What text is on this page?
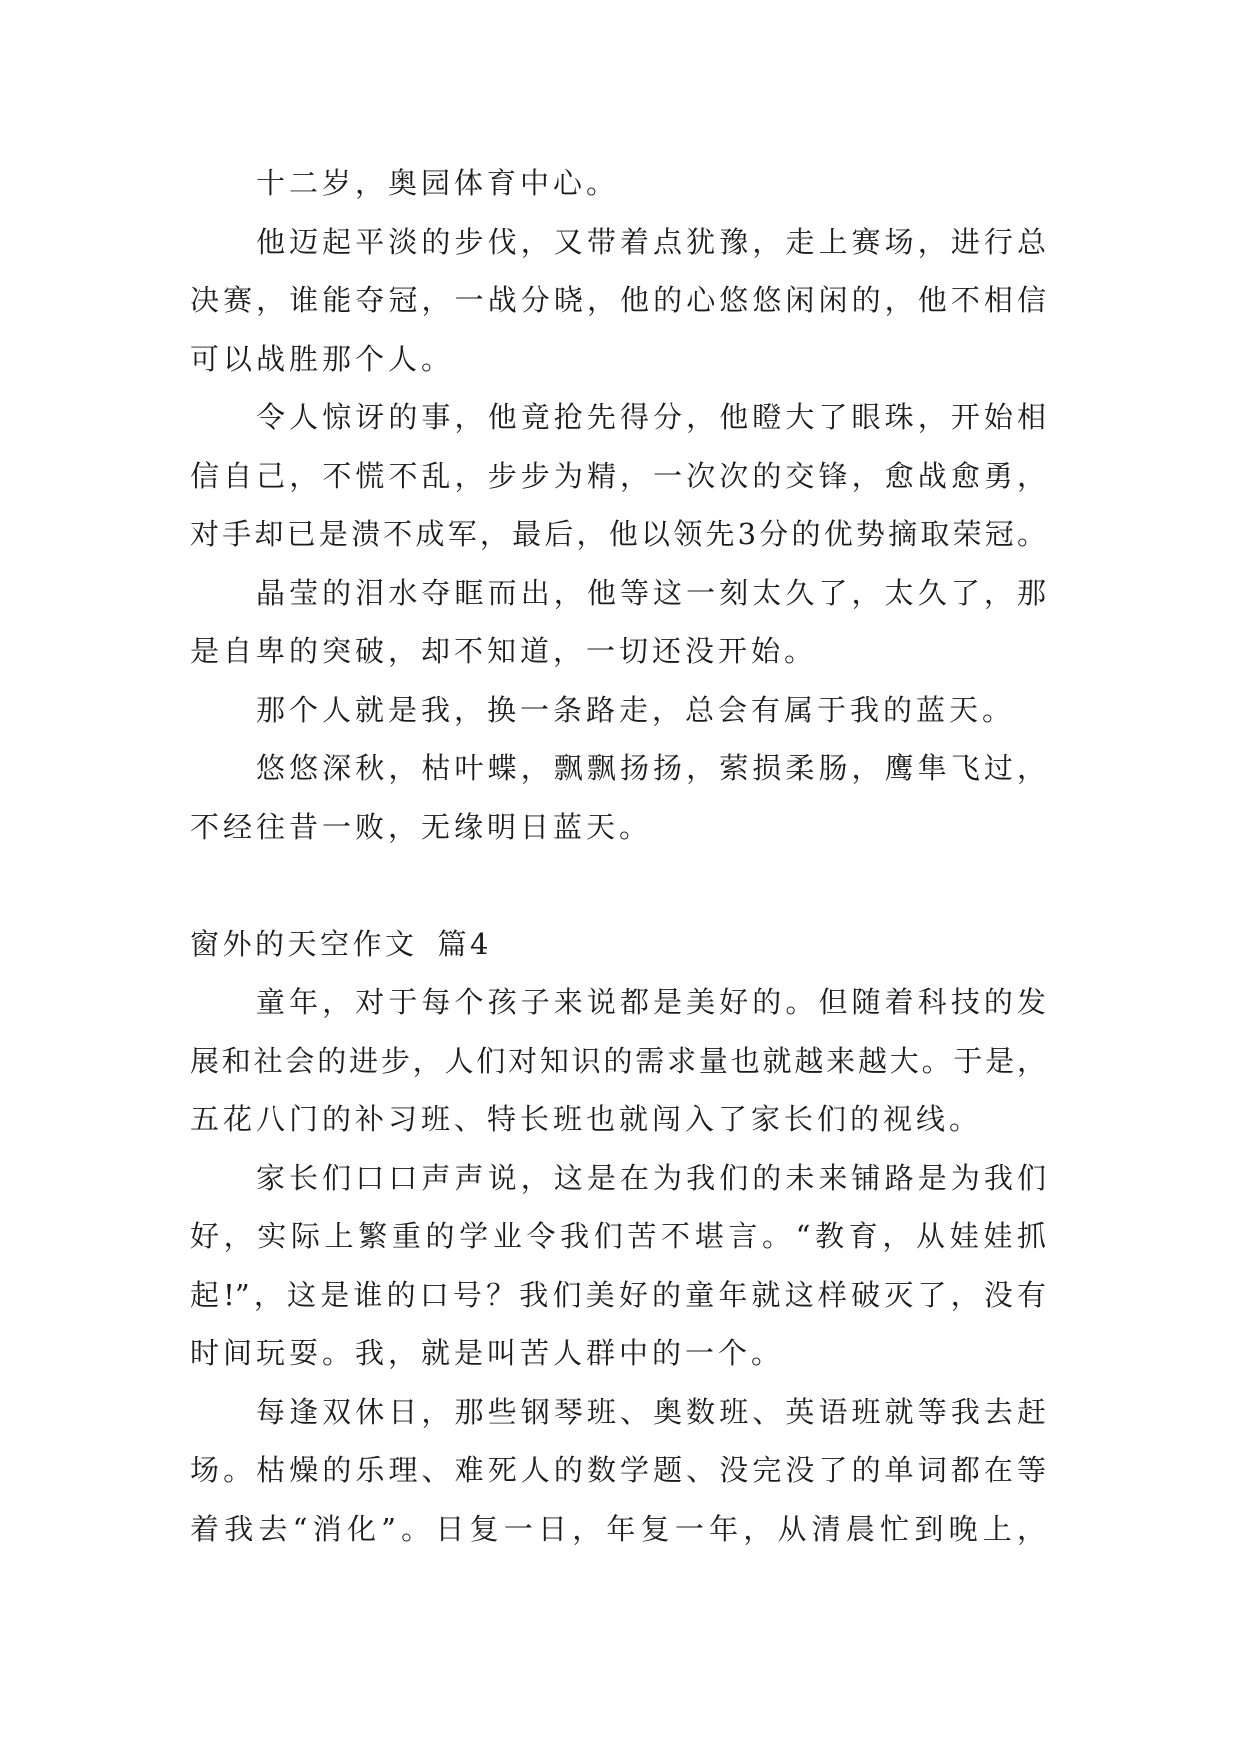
十二岁，奥园体育中心。
他迈起平淡的步伐，又带着点犹豫，走上赛场，进行总
决赛，谁能夺冠，一战分晓，他的心悠悠闲闲的，他不相信
可以战胜那个人。
令人惊讶的事，他竟抢先得分，他瞪大了眼珠，开始相
信自己，不慌不乱，步步为精，一次次的交锋，愈战愈勇，
对手却已是溃不成军，最后，他以领先3分的优势摘取荣冠。
晶莹的泪水夺眶而出，他等这一刻太久了，太久了，那
是自卑的突破，却不知道，一切还没开始。
那个人就是我，换一条路走，总会有属于我的蓝天。
悠悠深秋，枯叶蝶，飘飘扬扬，萦损柔肠，鹰隼飞过，
不经往昔一败，无缘明日蓝天。
窗外的天空作文 篇4
童年，对于每个孩子来说都是美好的。但随着科技的发
展和社会的进步，人们对知识的需求量也就越来越大。于是，
五花八门的补习班、特长班也就闯入了家长们的视线。
家长们口口声声说，这是在为我们的未来铺路是为我们
好，实际上繁重的学业令我们苦不堪言。“教育，从娃娃抓
起!”，这是谁的口号？我们美好的童年就这样破灭了，没有
时间玩耍。我，就是叫苦人群中的一个。
每逢双休日，那些钢琴班、奥数班、英语班就等我去赶
场。枯燥的乐理、难死人的数学题、没完没了的单词都在等
着我去“消化”。日复一日，年复一年，从清晨忙到晚上，
